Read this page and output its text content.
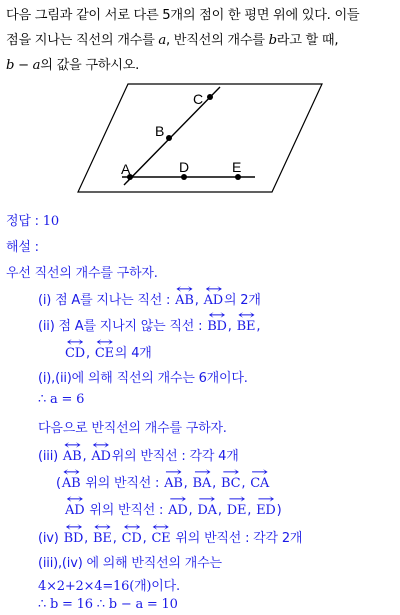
다음 그림과 같이 서로 다른 5개의 점이 한 평면 위에 있다. 이들
점을 지나는 직선의 개수를 a, 반직선의 개수를 b라고 할 때,
b − a의 값을 구하시오.
A
B
C
D	E
정답 : 10
해설 :
우선 직선의 개수를 구하자.
(i) 점 A를 지나는 직선 : ↔ AB, ↔ AD의 2개
(ii) 점 A를 지나지 않는 직선 : ↔ BD, ↔ BE,
↔ CD, ↔ CE의 4개
(i),(ii)에 의해 직선의 개수는 6개이다.
∴ a = 6
다음으로 반직선의 개수를 구하자.
(iii) ↔ AB, ↔ AD위의 반직선 : 각각 4개
(↔ AB 위의 반직선 : → AB, → BA, → BC, → CA
↔ AD 위의 반직선 : → AD, → DA, → DE, → ED)
(iv) ↔ BD, ↔ BE, ↔ CD, ↔ CE 위의 반직선 : 각각 2개
(iii),(iv) 에 의해 반직선의 개수는
4×2+2×4=16(개)이다.
∴ b = 16 ∴ b − a = 10
